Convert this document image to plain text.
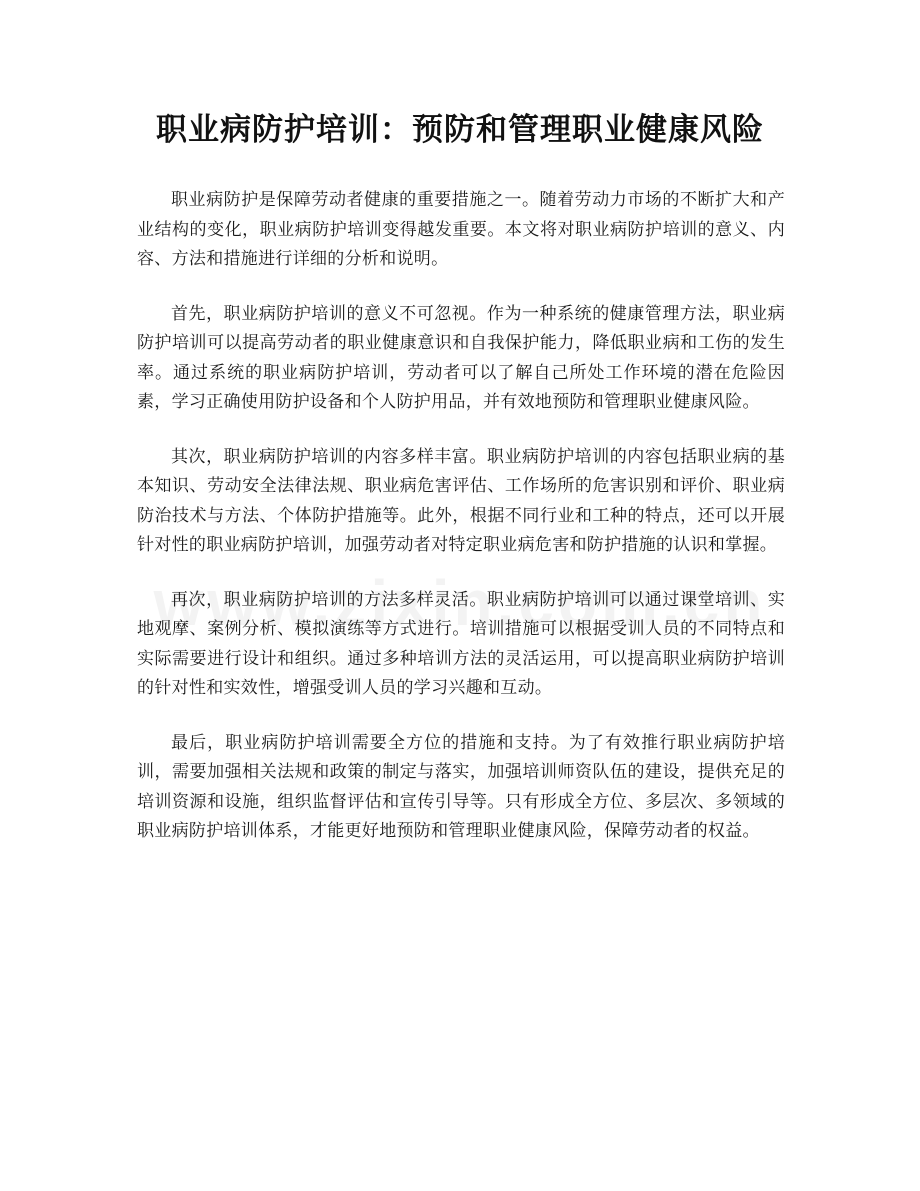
职业病防护培训：预防和管理职业健康风险

职业病防护是保障劳动者健康的重要措施之一。随着劳动力市场的不断扩大和产业结构的变化，职业病防护培训变得越发重要。本文将对职业病防护培训的意义、内容、方法和措施进行详细的分析和说明。

首先，职业病防护培训的意义不可忽视。作为一种系统的健康管理方法，职业病防护培训可以提高劳动者的职业健康意识和自我保护能力，降低职业病和工伤的发生率。通过系统的职业病防护培训，劳动者可以了解自己所处工作环境的潜在危险因素，学习正确使用防护设备和个人防护用品，并有效地预防和管理职业健康风险。

其次，职业病防护培训的内容多样丰富。职业病防护培训的内容包括职业病的基本知识、劳动安全法律法规、职业病危害评估、工作场所的危害识别和评价、职业病防治技术与方法、个体防护措施等。此外，根据不同行业和工种的特点，还可以开展针对性的职业病防护培训，加强劳动者对特定职业病危害和防护措施的认识和掌握。

再次，职业病防护培训的方法多样灵活。职业病防护培训可以通过课堂培训、实地观摩、案例分析、模拟演练等方式进行。培训措施可以根据受训人员的不同特点和实际需要进行设计和组织。通过多种培训方法的灵活运用，可以提高职业病防护培训的针对性和实效性，增强受训人员的学习兴趣和互动。

最后，职业病防护培训需要全方位的措施和支持。为了有效推行职业病防护培训，需要加强相关法规和政策的制定与落实，加强培训师资队伍的建设，提供充足的培训资源和设施，组织监督评估和宣传引导等。只有形成全方位、多层次、多领域的职业病防护培训体系，才能更好地预防和管理职业健康风险，保障劳动者的权益。
